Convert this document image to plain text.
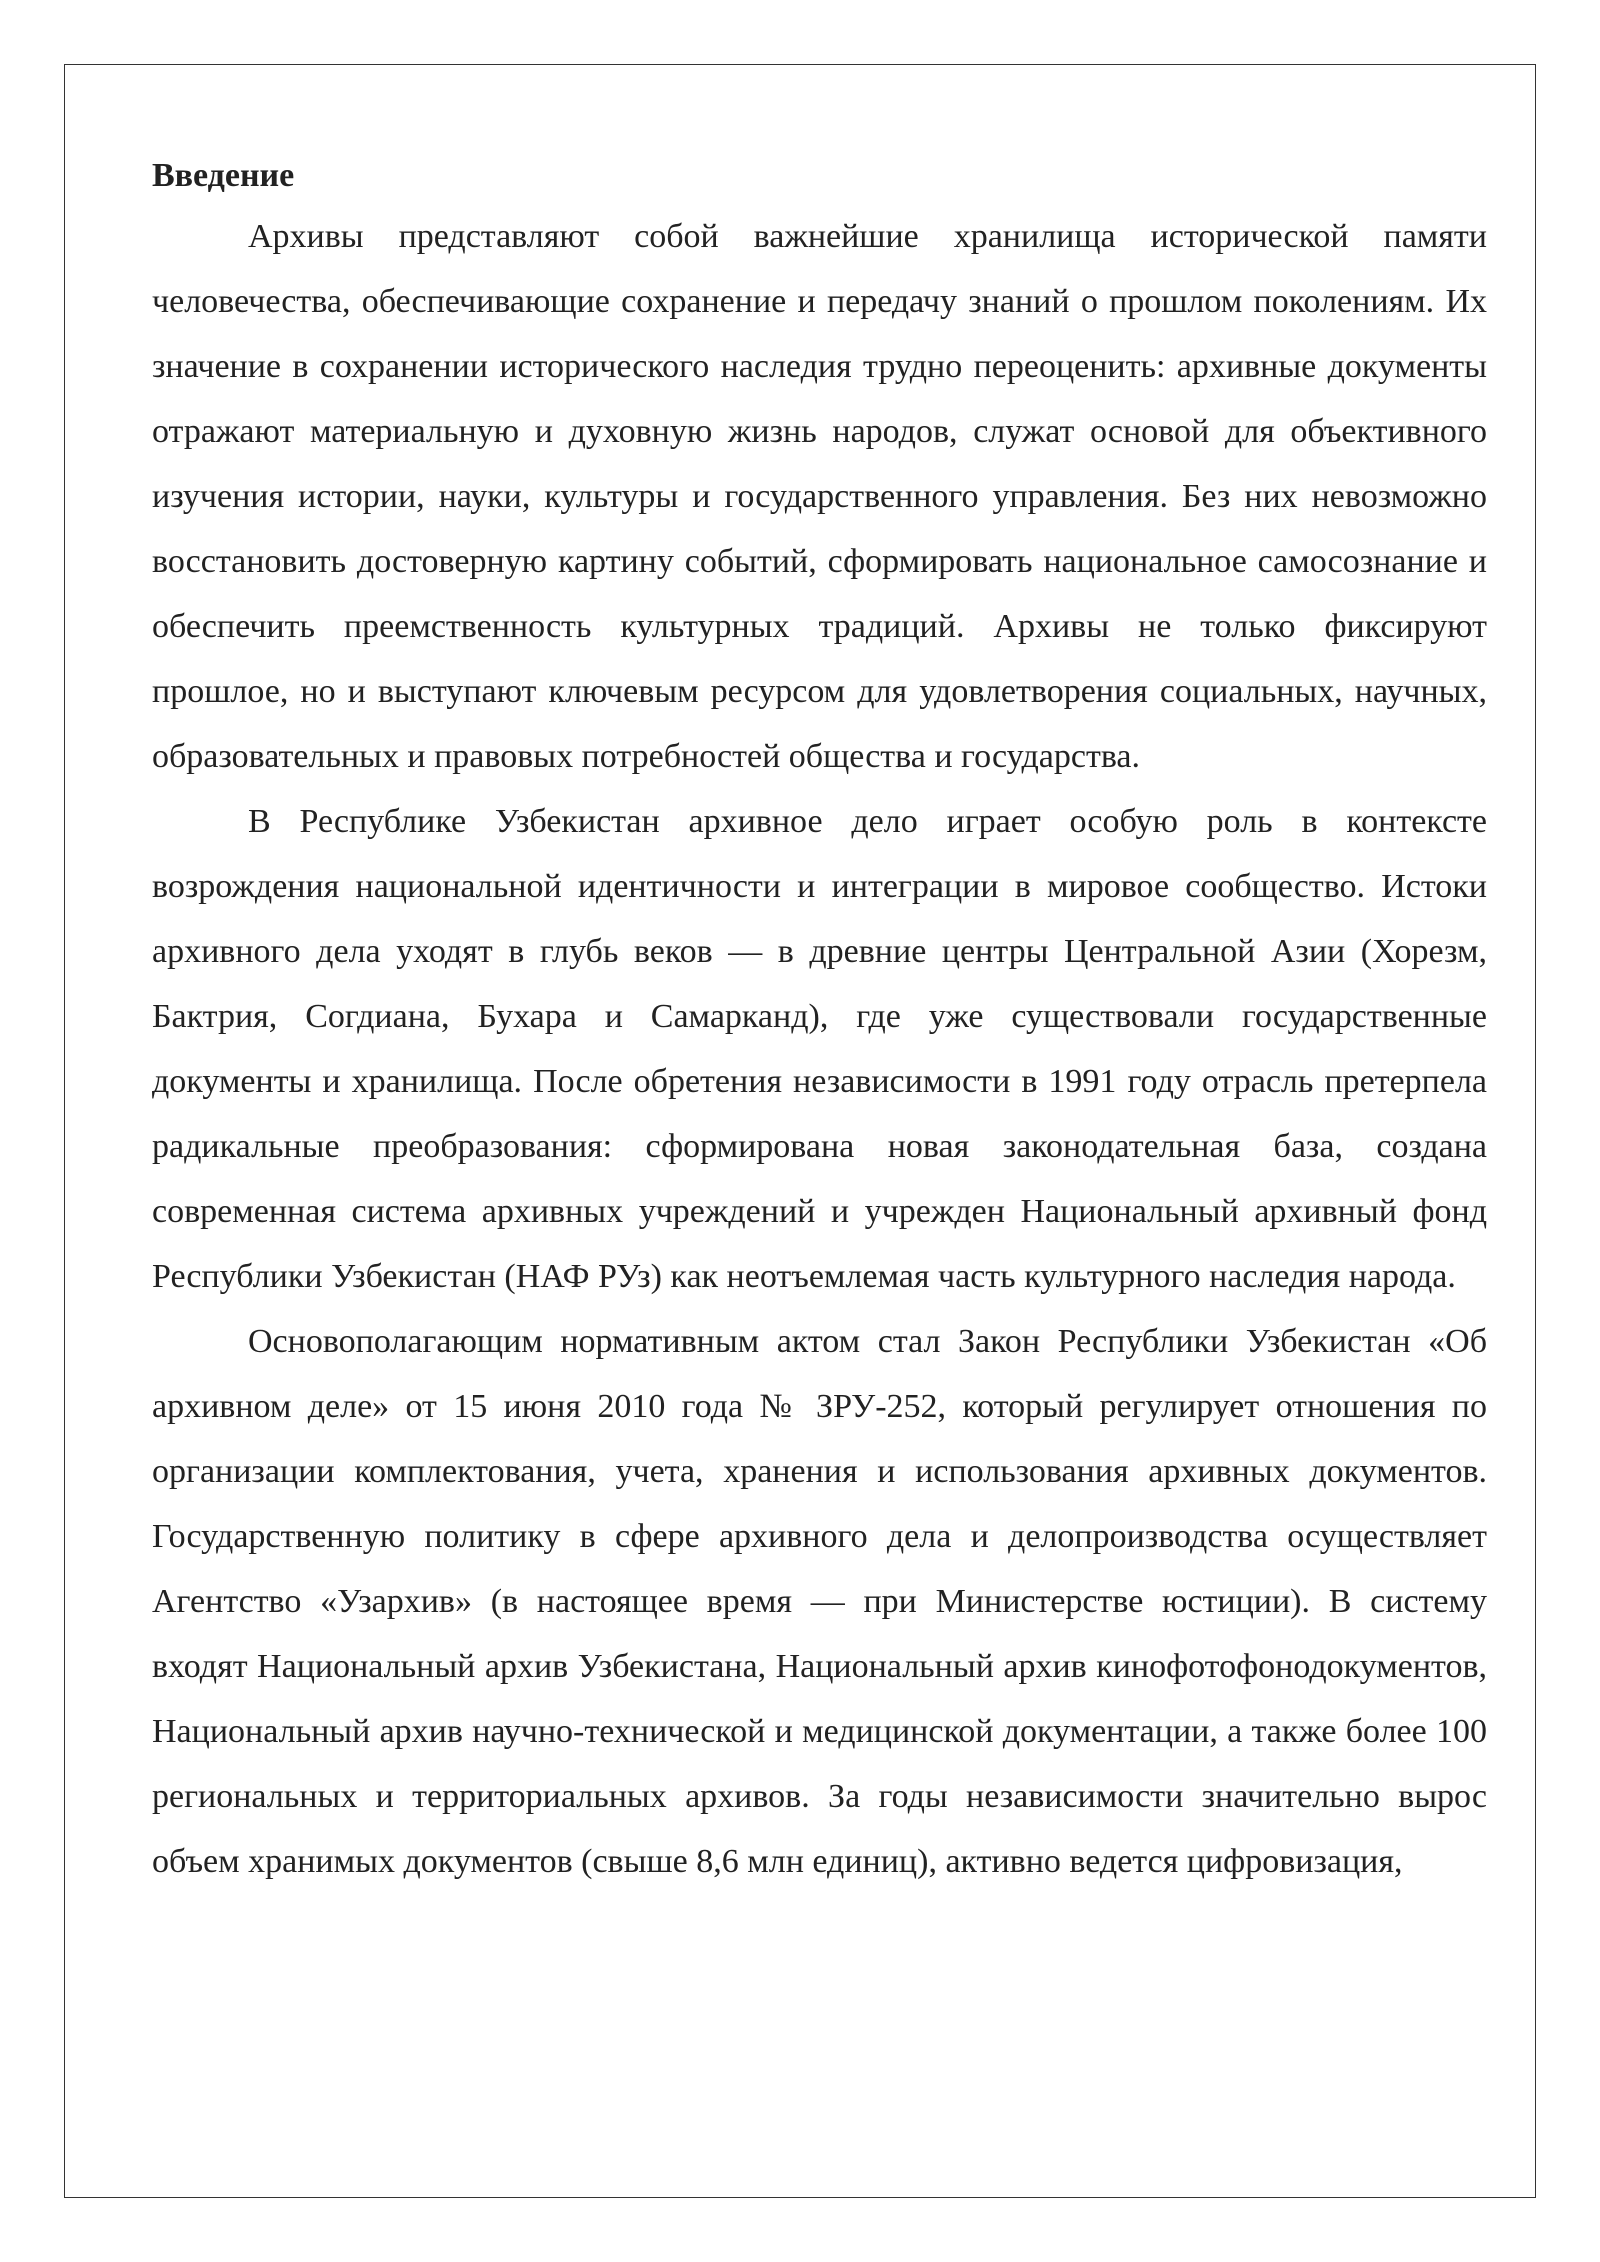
Введение

Архивы представляют собой важнейшие хранилища исторической памяти человечества, обеспечивающие сохранение и передачу знаний о прошлом поколениям. Их значение в сохранении исторического наследия трудно переоценить: архивные документы отражают материальную и духовную жизнь народов, служат основой для объективного изучения истории, науки, культуры и государственного управления. Без них невозможно восстановить достоверную картину событий, сформировать национальное самосознание и обеспечить преемственность культурных традиций. Архивы не только фиксируют прошлое, но и выступают ключевым ресурсом для удовлетворения социальных, научных, образовательных и правовых потребностей общества и государства.

В Республике Узбекистан архивное дело играет особую роль в контексте возрождения национальной идентичности и интеграции в мировое сообщество. Истоки архивного дела уходят в глубь веков — в древние центры Центральной Азии (Хорезм, Бактрия, Согдиана, Бухара и Самарканд), где уже существовали государственные документы и хранилища. После обретения независимости в 1991 году отрасль претерпела радикальные преобразования: сформирована новая законодательная база, создана современная система архивных учреждений и учрежден Национальный архивный фонд Республики Узбекистан (НАФ РУз) как неотъемлемая часть культурного наследия народа.

Основополагающим нормативным актом стал Закон Республики Узбекистан «Об архивном деле» от 15 июня 2010 года № ЗРУ-252, который регулирует отношения по организации комплектования, учета, хранения и использования архивных документов. Государственную политику в сфере архивного дела и делопроизводства осуществляет Агентство «Узархив» (в настоящее время — при Министерстве юстиции). В систему входят Национальный архив Узбекистана, Национальный архив кинофотофонодокументов, Национальный архив научно-технической и медицинской документации, а также более 100 региональных и территориальных архивов. За годы независимости значительно вырос объем хранимых документов (свыше 8,6 млн единиц), активно ведется цифровизация,
